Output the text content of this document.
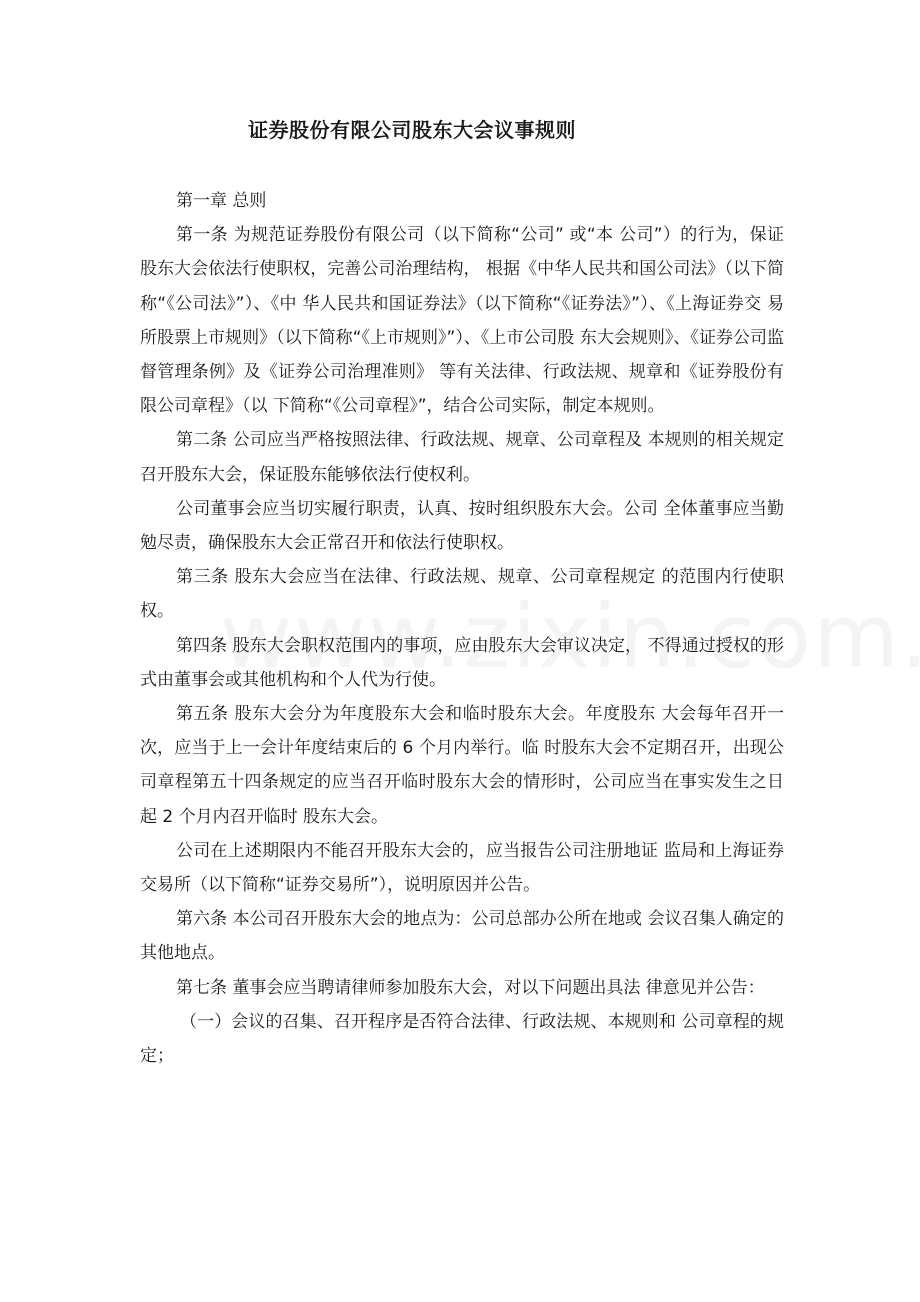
证券股份有限公司股东大会议事规则

第一章 总则

第一条 为规范证券股份有限公司（以下简称“公司” 或“本 公司”）的行为，保证股东大会依法行使职权，完善公司治理结构， 根据《中华人民共和国公司法》（以下简称“《公司法》”）、《中 华人民共和国证券法》（以下简称“《证券法》”）、《上海证券交 易所股票上市规则》（以下简称“《上市规则》”）、《上市公司股 东大会规则》、《证券公司监督管理条例》及《证券公司治理准则》 等有关法律、行政法规、规章和《证券股份有限公司章程》（以 下简称“《公司章程》”，结合公司实际，制定本规则。

第二条 公司应当严格按照法律、行政法规、规章、公司章程及 本规则的相关规定召开股东大会，保证股东能够依法行使权利。

公司董事会应当切实履行职责，认真、按时组织股东大会。公司 全体董事应当勤勉尽责，确保股东大会正常召开和依法行使职权。

第三条 股东大会应当在法律、行政法规、规章、公司章程规定 的范围内行使职权。

第四条 股东大会职权范围内的事项，应由股东大会审议决定， 不得通过授权的形式由董事会或其他机构和个人代为行使。

第五条 股东大会分为年度股东大会和临时股东大会。年度股东 大会每年召开一次，应当于上一会计年度结束后的 6 个月内举行。临 时股东大会不定期召开，出现公司章程第五十四条规定的应当召开临时股东大会的情形时，公司应当在事实发生之日起 2 个月内召开临时 股东大会。

公司在上述期限内不能召开股东大会的，应当报告公司注册地证 监局和上海证券交易所（以下简称“证券交易所”），说明原因并公告。

第六条 本公司召开股东大会的地点为：公司总部办公所在地或 会议召集人确定的其他地点。

第七条 董事会应当聘请律师参加股东大会，对以下问题出具法 律意见并公告：

（一）会议的召集、召开程序是否符合法律、行政法规、本规则和 公司章程的规定；
